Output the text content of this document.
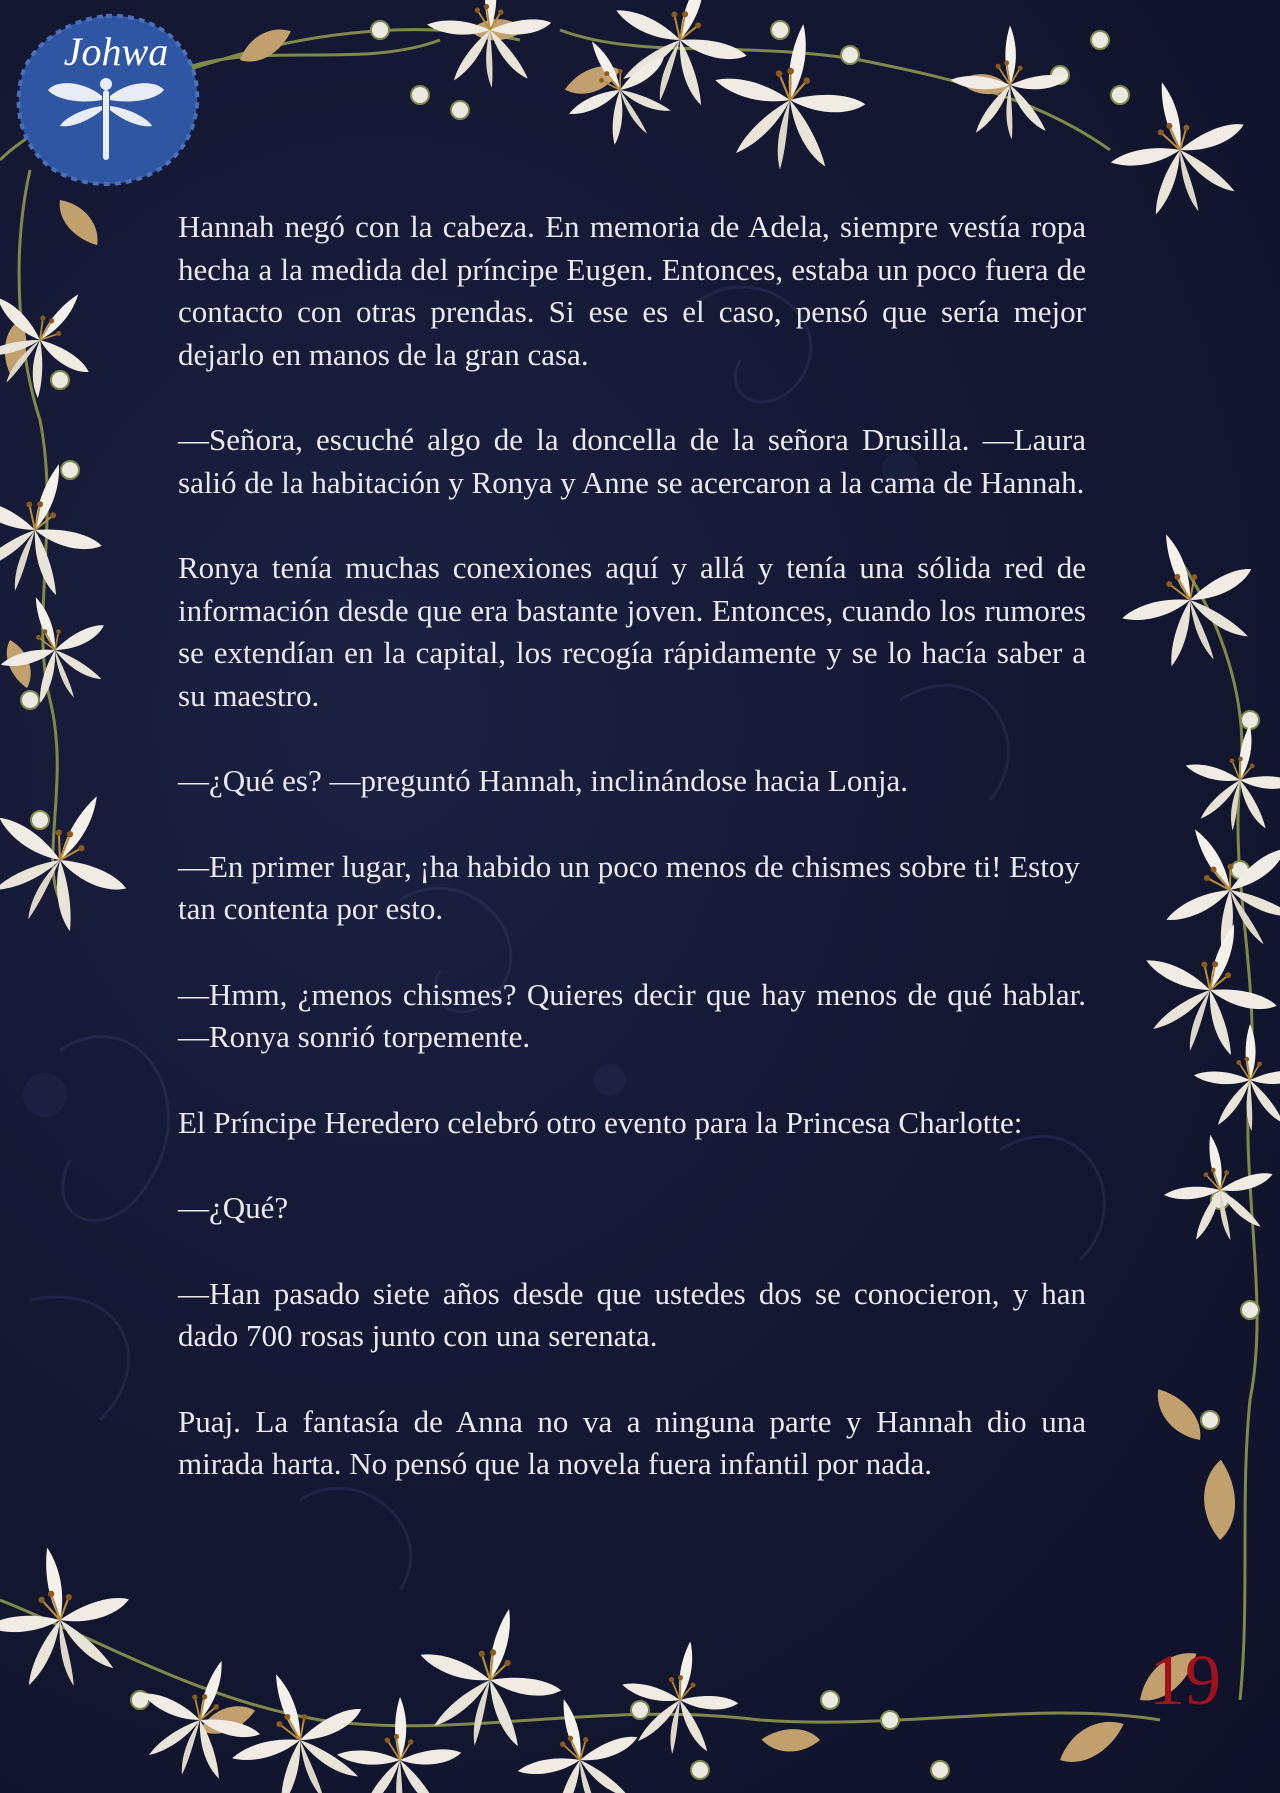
Johwa

Hannah negó con la cabeza. En memoria de Adela, siempre vestía ropa hecha a la medida del príncipe Eugen. Entonces, estaba un poco fuera de contacto con otras prendas. Si ese es el caso, pensó que sería mejor dejarlo en manos de la gran casa.

—Señora, escuché algo de la doncella de la señora Drusilla. —Laura salió de la habitación y Ronya y Anne se acercaron a la cama de Hannah.

Ronya tenía muchas conexiones aquí y allá y tenía una sólida red de información desde que era bastante joven. Entonces, cuando los rumores se extendían en la capital, los recogía rápidamente y se lo hacía saber a su maestro.

—¿Qué es? —preguntó Hannah, inclinándose hacia Lonja.

—En primer lugar, ¡ha habido un poco menos de chismes sobre ti! Estoy tan contenta por esto.

—Hmm, ¿menos chismes? Quieres decir que hay menos de qué hablar. —Ronya sonrió torpemente.

El Príncipe Heredero celebró otro evento para la Princesa Charlotte:

—¿Qué?

—Han pasado siete años desde que ustedes dos se conocieron, y han dado 700 rosas junto con una serenata.

Puaj. La fantasía de Anna no va a ninguna parte y Hannah dio una mirada harta. No pensó que la novela fuera infantil por nada.

19
